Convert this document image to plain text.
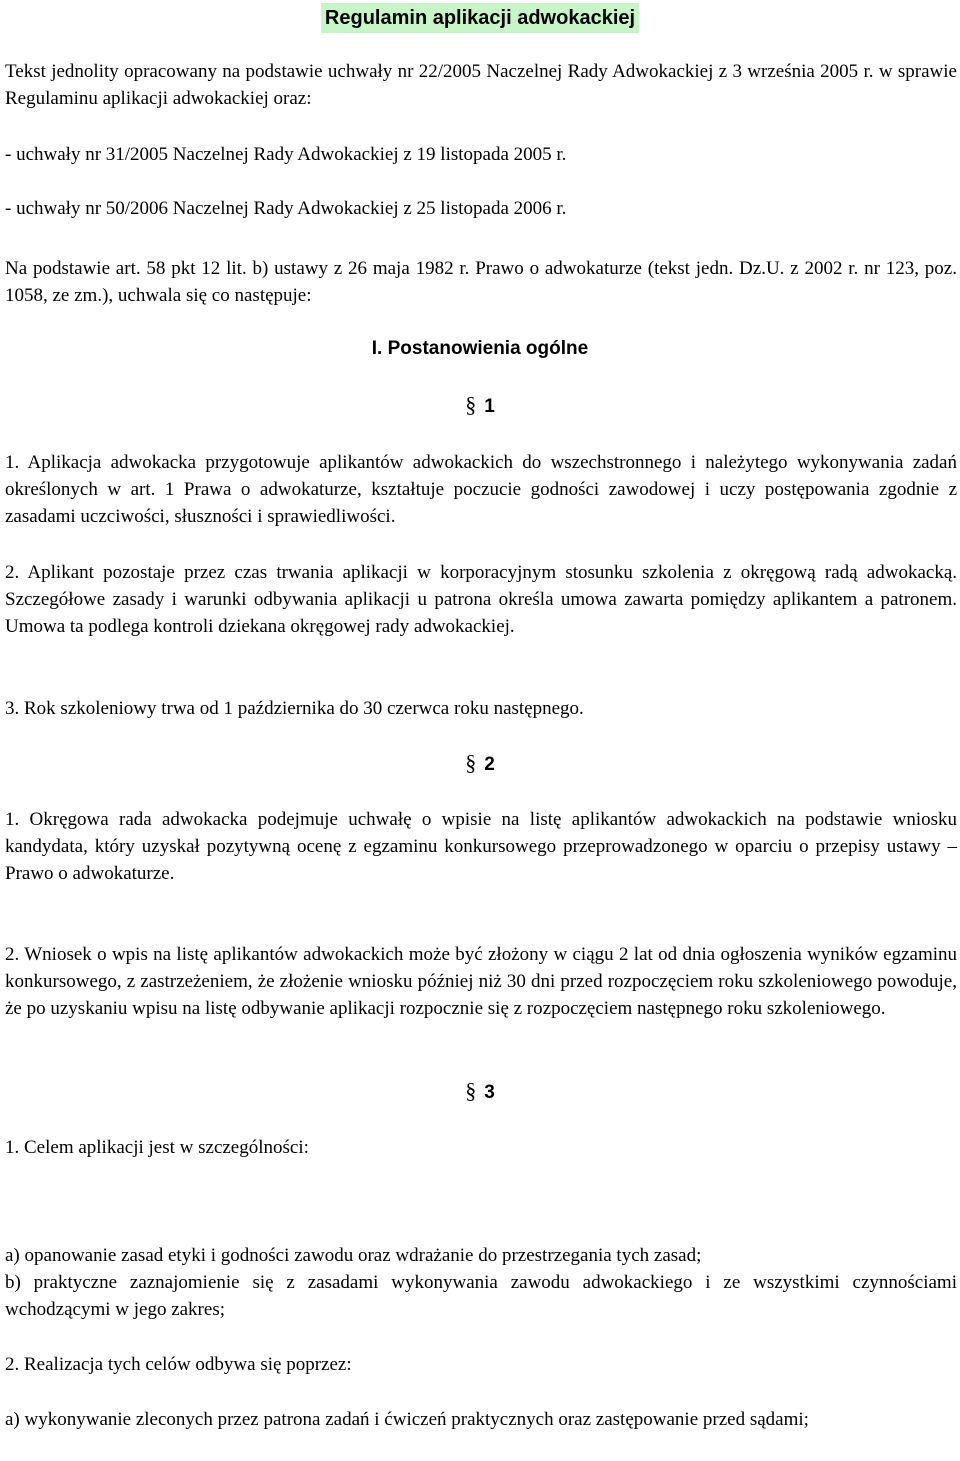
Regulamin aplikacji adwokackiej
Tekst jednolity opracowany na podstawie uchwały nr 22/2005 Naczelnej Rady Adwokackiej z 3 września 2005 r. w sprawie Regulaminu aplikacji adwokackiej oraz:
- uchwały nr 31/2005 Naczelnej Rady Adwokackiej z 19 listopada 2005 r.
- uchwały nr 50/2006 Naczelnej Rady Adwokackiej z 25 listopada 2006 r.
Na podstawie art. 58 pkt 12 lit. b) ustawy z 26 maja 1982 r. Prawo o adwokaturze (tekst jedn. Dz.U. z 2002 r. nr 123, poz. 1058, ze zm.), uchwala się co następuje:
I. Postanowienia ogólne
§ 1
1. Aplikacja adwokacka przygotowuje aplikantów adwokackich do wszechstronnego i należytego wykonywania zadań określonych w art. 1 Prawa o adwokaturze, kształtuje poczucie godności zawodowej i uczy postępowania zgodnie z zasadami uczciwości, słuszności i sprawiedliwości.
2. Aplikant pozostaje przez czas trwania aplikacji w korporacyjnym stosunku szkolenia z okręgową radą adwokacką. Szczegółowe zasady i warunki odbywania aplikacji u patrona określa umowa zawarta pomiędzy aplikantem a patronem. Umowa ta podlega kontroli dziekana okręgowej rady adwokackiej.
3. Rok szkoleniowy trwa od 1 października do 30 czerwca roku następnego.
§ 2
1. Okręgowa rada adwokacka podejmuje uchwałę o wpisie na listę aplikantów adwokackich na podstawie wniosku kandydata, który uzyskał pozytywną ocenę z egzaminu konkursowego przeprowadzonego w oparciu o przepisy ustawy – Prawo o adwokaturze.
2. Wniosek o wpis na listę aplikantów adwokackich może być złożony w ciągu 2 lat od dnia ogłoszenia wyników egzaminu konkursowego, z zastrzeżeniem, że złożenie wniosku później niż 30 dni przed rozpoczęciem roku szkoleniowego powoduje, że po uzyskaniu wpisu na listę odbywanie aplikacji rozpocznie się z rozpoczęciem następnego roku szkoleniowego.
§ 3
1. Celem aplikacji jest w szczególności:
a) opanowanie zasad etyki i godności zawodu oraz wdrażanie do przestrzegania tych zasad;
b) praktyczne zaznajomienie się z zasadami wykonywania zawodu adwokackiego i ze wszystkimi czynnościami wchodzącymi w jego zakres;
2. Realizacja tych celów odbywa się poprzez:
a) wykonywanie zleconych przez patrona zadań i ćwiczeń praktycznych oraz zastępowanie przed sądami;
